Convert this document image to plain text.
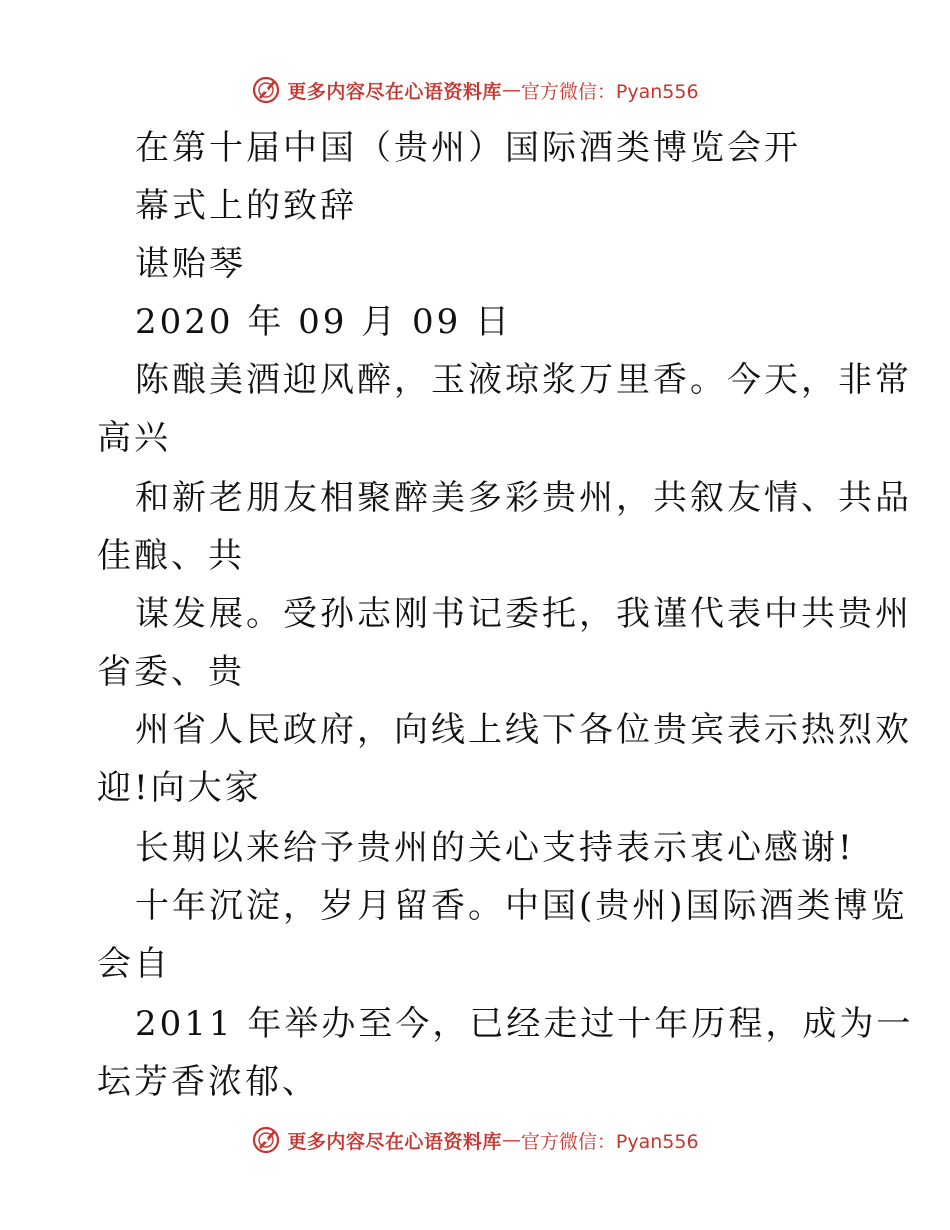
更多内容尽在心语资料库 — 官方微信：Pyan556
在第十届中国（贵州）国际酒类博览会开
幕式上的致辞
谌贻琴
2020 年 09 月 09 日
陈酿美酒迎风醉，玉液琼浆万里香。今天，非常
高兴
和新老朋友相聚醉美多彩贵州，共叙友情、共品
佳酿、共
谋发展。受孙志刚书记委托，我谨代表中共贵州
省委、贵
州省人民政府，向线上线下各位贵宾表示热烈欢
迎!向大家
长期以来给予贵州的关心支持表示衷心感谢!
十年沉淀，岁月留香。中国(贵州)国际酒类博览
会自
2011 年举办至今，已经走过十年历程，成为一
坛芳香浓郁、
更多内容尽在心语资料库 — 官方微信：Pyan556
